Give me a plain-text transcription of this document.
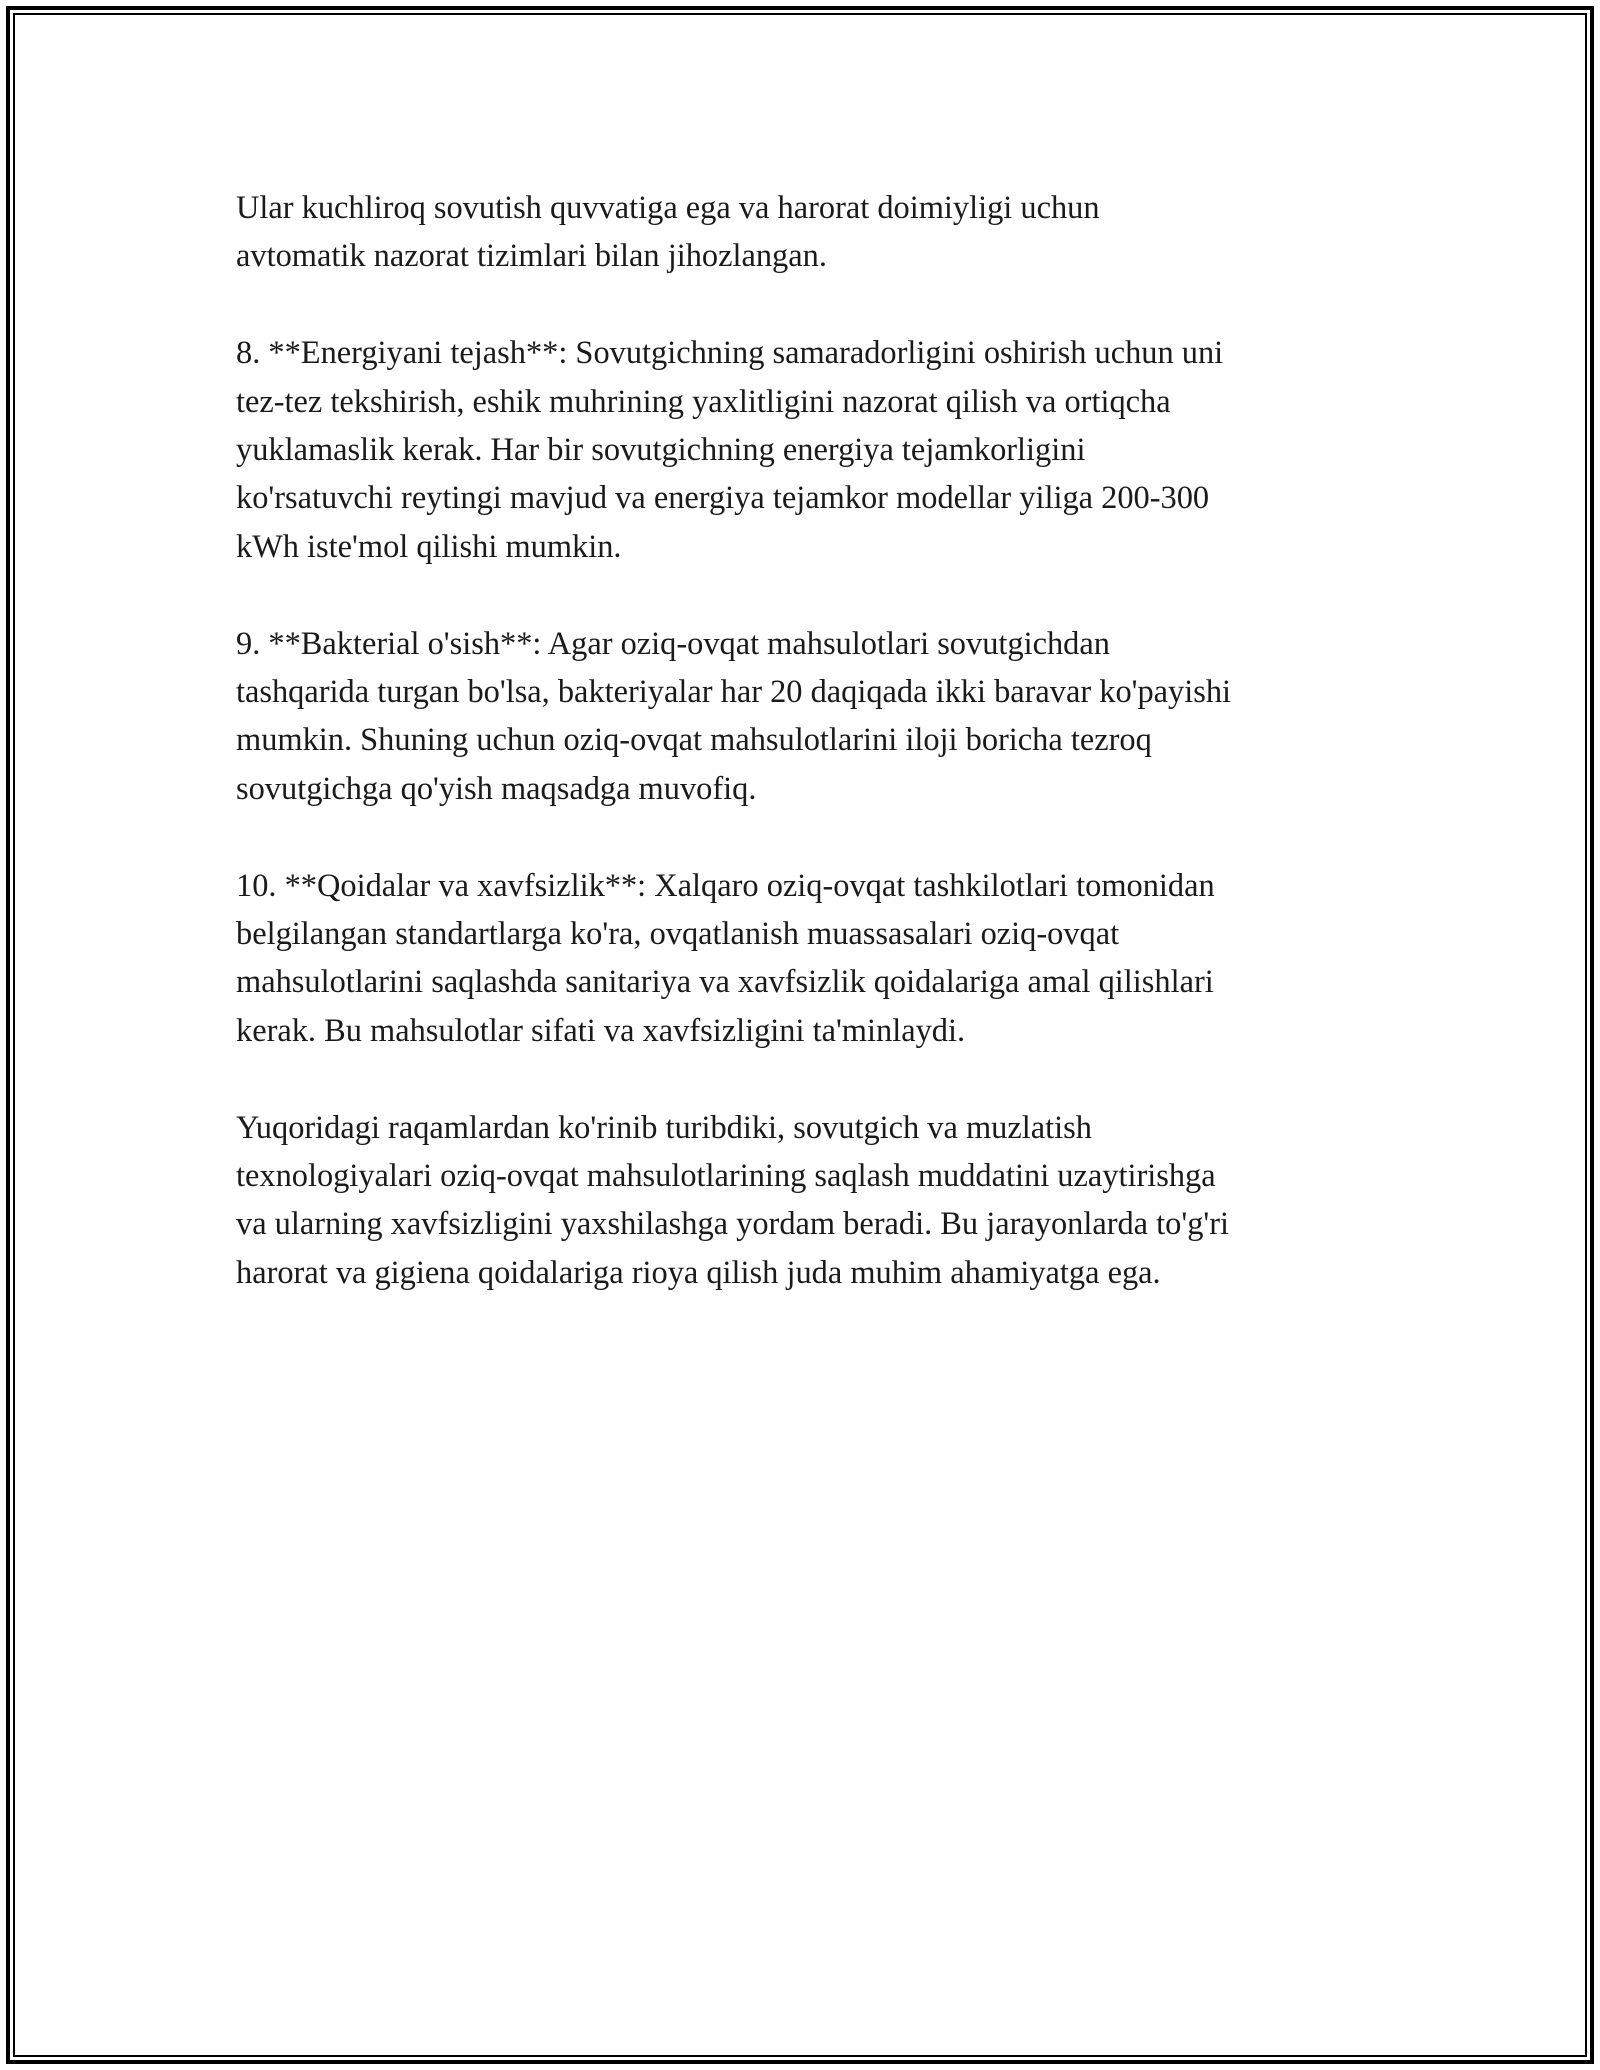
Ular kuchliroq sovutish quvvatiga ega va harorat doimiyligi uchun
avtomatik nazorat tizimlari bilan jihozlangan.

8. **Energiyani tejash**: Sovutgichning samaradorligini oshirish uchun uni
tez-tez tekshirish, eshik muhrining yaxlitligini nazorat qilish va ortiqcha
yuklamaslik kerak. Har bir sovutgichning energiya tejamkorligini
ko'rsatuvchi reytingi mavjud va energiya tejamkor modellar yiliga 200-300
kWh iste'mol qilishi mumkin.

9. **Bakterial o'sish**: Agar oziq-ovqat mahsulotlari sovutgichdan
tashqarida turgan bo'lsa, bakteriyalar har 20 daqiqada ikki baravar ko'payishi
mumkin. Shuning uchun oziq-ovqat mahsulotlarini iloji boricha tezroq
sovutgichga qo'yish maqsadga muvofiq.

10. **Qoidalar va xavfsizlik**: Xalqaro oziq-ovqat tashkilotlari tomonidan
belgilangan standartlarga ko'ra, ovqatlanish muassasalari oziq-ovqat
mahsulotlarini saqlashda sanitariya va xavfsizlik qoidalariga amal qilishlari
kerak. Bu mahsulotlar sifati va xavfsizligini ta'minlaydi.

Yuqoridagi raqamlardan ko'rinib turibdiki, sovutgich va muzlatish
texnologiyalari oziq-ovqat mahsulotlarining saqlash muddatini uzaytirishga
va ularning xavfsizligini yaxshilashga yordam beradi. Bu jarayonlarda to'g'ri
harorat va gigiena qoidalariga rioya qilish juda muhim ahamiyatga ega.
